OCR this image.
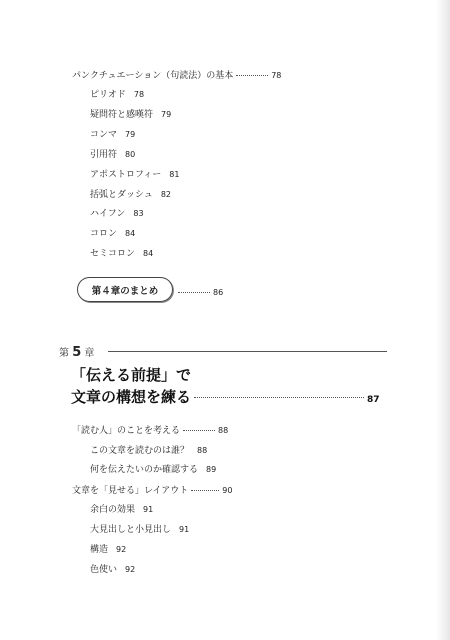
パンクチュエーション（句読法）の基本	78
ピリオド 78
疑問符と感嘆符 79
コンマ 79
引用符 80
アポストロフィー 81
括弧とダッシュ 82
ハイフン 83
コロン 84
セミコロン 84
第４章のまとめ	86
第 5 章
「伝える前提」で
文章の構想を練る	87
「読む人」のことを考える	88
この文章を読むのは誰？ 88
何を伝えたいのか確認する 89
文章を「見せる」レイアウト	90
余白の効果 91
大見出しと小見出し 91
構造 92
色使い 92
